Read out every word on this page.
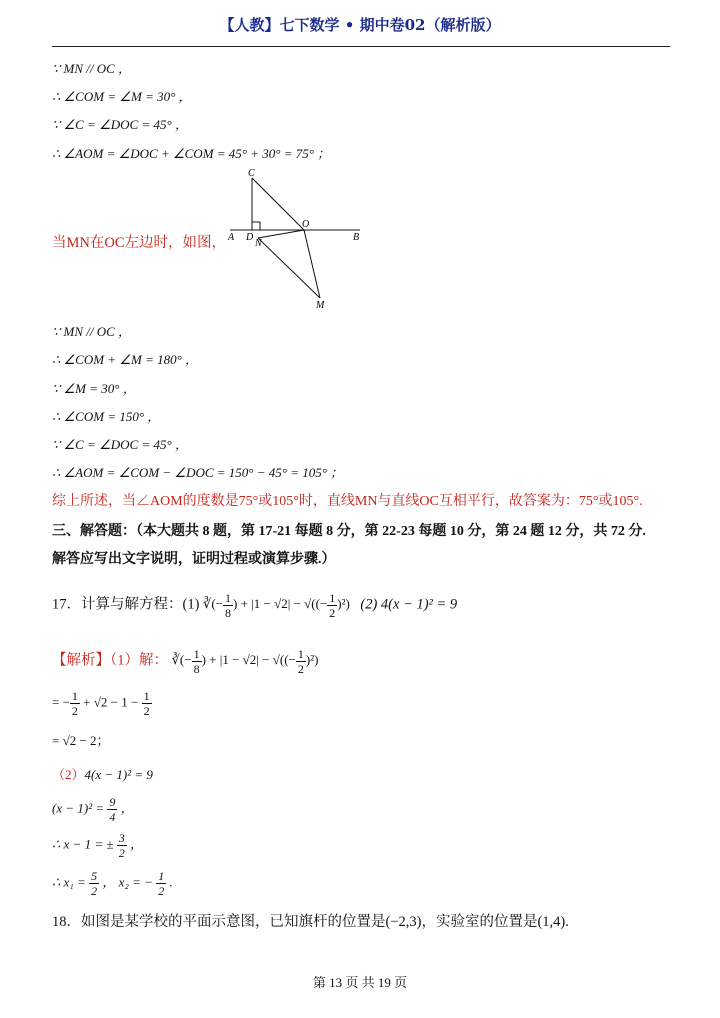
【人教】七下数学 • 期中卷02（解析版）
∵ MN // OC ，
∴ ∠COM = ∠M = 30° ，
∵ ∠C = ∠DOC = 45° ，
∴ ∠AOM = ∠DOC + ∠COM = 45° + 30° = 75° ；
当MN在OC左边时，如图，
C
A D
N
O
B
M
∵ MN // OC ，
∴ ∠COM + ∠M = 180° ，
∵ ∠M = 30° ，
∴ ∠COM = 150° ，
∵ ∠C = ∠DOC = 45° ，
∴ ∠AOM = ∠COM − ∠DOC = 150° − 45° = 105° ；
综上所述，当∠AOM的度数是75°或105°时，直线MN与直线OC互相平行，故答案为：75°或105°.
三、解答题：（本大题共 8 题，第 17-21 每题 8 分，第 22-23 每题 10 分，第 24 题 12 分，共 72 分.
解答应写出文字说明，证明过程或演算步骤.）
17．计算与解方程：(1) ∛(− $\frac{1}{8}$ ) + |1 − √2| − √((− $\frac{1}{2} )^2$)   (2) 4(x − 1)² = 9
【解析】（1）解： ∛(− $\frac{1}{8}$ ) + |1 − √2| − √((− $\frac{1}{2} )^2$)
= − $\frac{1}{2} + √2 - 1 - \frac{1}{2}$
= √2 − 2；
（2）4(x − 1)² = 9
$(x - 1)^2 = \frac{9}{4}$ ，
∴ x − 1 = ± $\frac{3}{2}$ ，
∴ $x_1 = \frac{5}{2}$ ， x₂ = − $\frac{1}{2}$ .
18．如图是某学校的平面示意图，已知旗杆的位置是(−2,3)，实验室的位置是(1,4).
第 13 页 共 19 页
